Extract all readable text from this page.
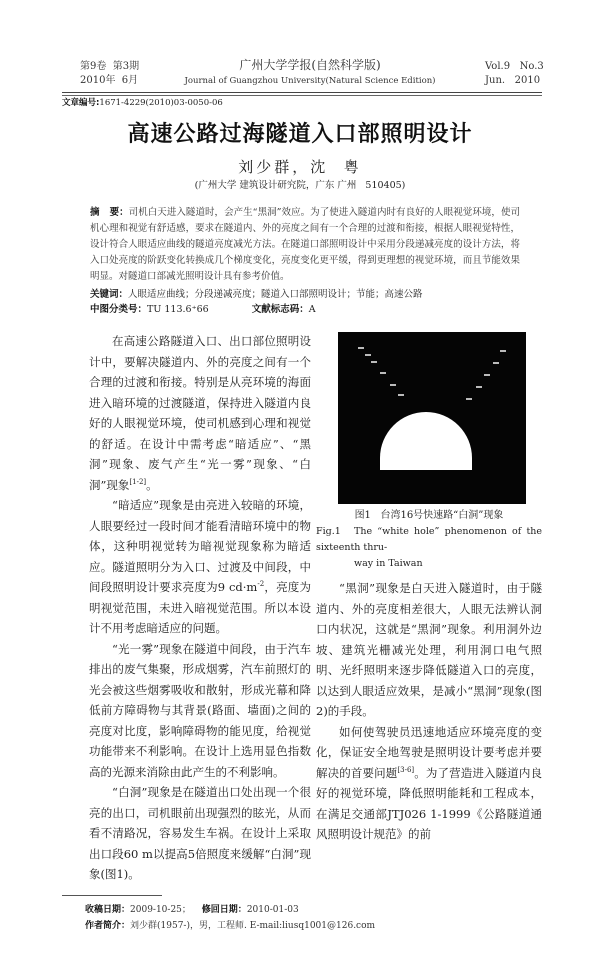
第9卷  第3期
2010年  6月
广州大学学报(自然科学版)
Journal of Guangzhou University(Natural Science Edition)
Vol.9   No.3
Jun.   2010
文章编号:1671-4229(2010)03-0050-06
高速公路过海隧道入口部照明设计
刘少群，沈  粤
(广州大学 建筑设计研究院，广东 广州   510405)
摘   要：司机白天进入隧道时，会产生“黑洞”效应。为了使进入隧道内时有良好的人眼视觉环境，使司机心理和视觉有舒适感，要求在隧道内、外的亮度之间有一个合理的过渡和衔接，根据人眼视觉特性，设计符合人眼适应曲线的隧道亮度减光方法。在隧道口部照明设计中采用分段递减亮度的设计方法，将入口处亮度的阶跃变化转换成几个梯度变化，亮度变化更平缓，得到更理想的视觉环境，而且节能效果明显。对隧道口部减光照明设计具有参考价值。
关键词：人眼适应曲线；分段递减亮度；隧道入口部照明设计；节能；高速公路
中图分类号：TU 113.6⁺66	文献标志码：A

在高速公路隧道入口、出口部位照明设计中，要解决隧道内、外的亮度之间有一个合理的过渡和衔接。特别是从亮环境的海面进入暗环境的过渡隧道，保持进入隧道内良好的人眼视觉环境，使司机感到心理和视觉的舒适。在设计中需考虑“暗适应”、“黑洞”现象、废气产生“光一雾”现象、“白洞”现象[1-2]。

“暗适应”现象是由亮进入较暗的环境，人眼要经过一段时间才能看清暗环境中的物体，这种明视觉转为暗视觉现象称为暗适应。隧道照明分为入口、过渡及中间段，中间段照明设计要求亮度为9 $cd\cdot m^{-2}$，亮度为明视觉范围，未进入暗视觉范围。所以本设计不用考虑暗适应的问题。

“光一雾”现象在隧道中间段，由于汽车排出的废气集聚，形成烟雾，汽车前照灯的光会被这些烟雾吸收和散射，形成光幕和降低前方障碍物与其背景(路面、墙面)之间的亮度对比度，影响障碍物的能见度，给视觉功能带来不利影响。在设计上选用显色指数高的光源来消除由此产生的不利影响。

“白洞”现象是在隧道出口处出现一个很亮的出口，司机眼前出现强烈的眩光，从而看不清路况，容易发生车祸。在设计上采取出口段60 m以提高5倍照度来缓解“白洞”现象(图1)。

图1   台湾16号快速路“白洞”现象
Fig.1 The “white hole” phenomenon of the sixteenth thru-
way in Taiwan

“黑洞”现象是白天进入隧道时，由于隧道内、外的亮度相差很大，人眼无法辨认洞口内状况，这就是“黑洞”现象。利用洞外边坡、建筑光栅减光处理，利用洞口电气照明、光纤照明来逐步降低隧道入口的亮度，以达到人眼适应效果，是减小“黑洞”现象(图2)的手段。

如何使驾驶员迅速地适应环境亮度的变化，保证安全地驾驶是照明设计要考虑并要解决的首要问题[3-6]。为了营造进入隧道内良好的视觉环境，降低照明能耗和工程成本，在满足交通部JTJ026 1-1999《公路隧道通风照明设计规范》的前

收稿日期：2009-10-25； 修回日期：2010-01-03
作者简介：刘少群(1957-)，男，工程师. E-mail:liusq1001@126.com
